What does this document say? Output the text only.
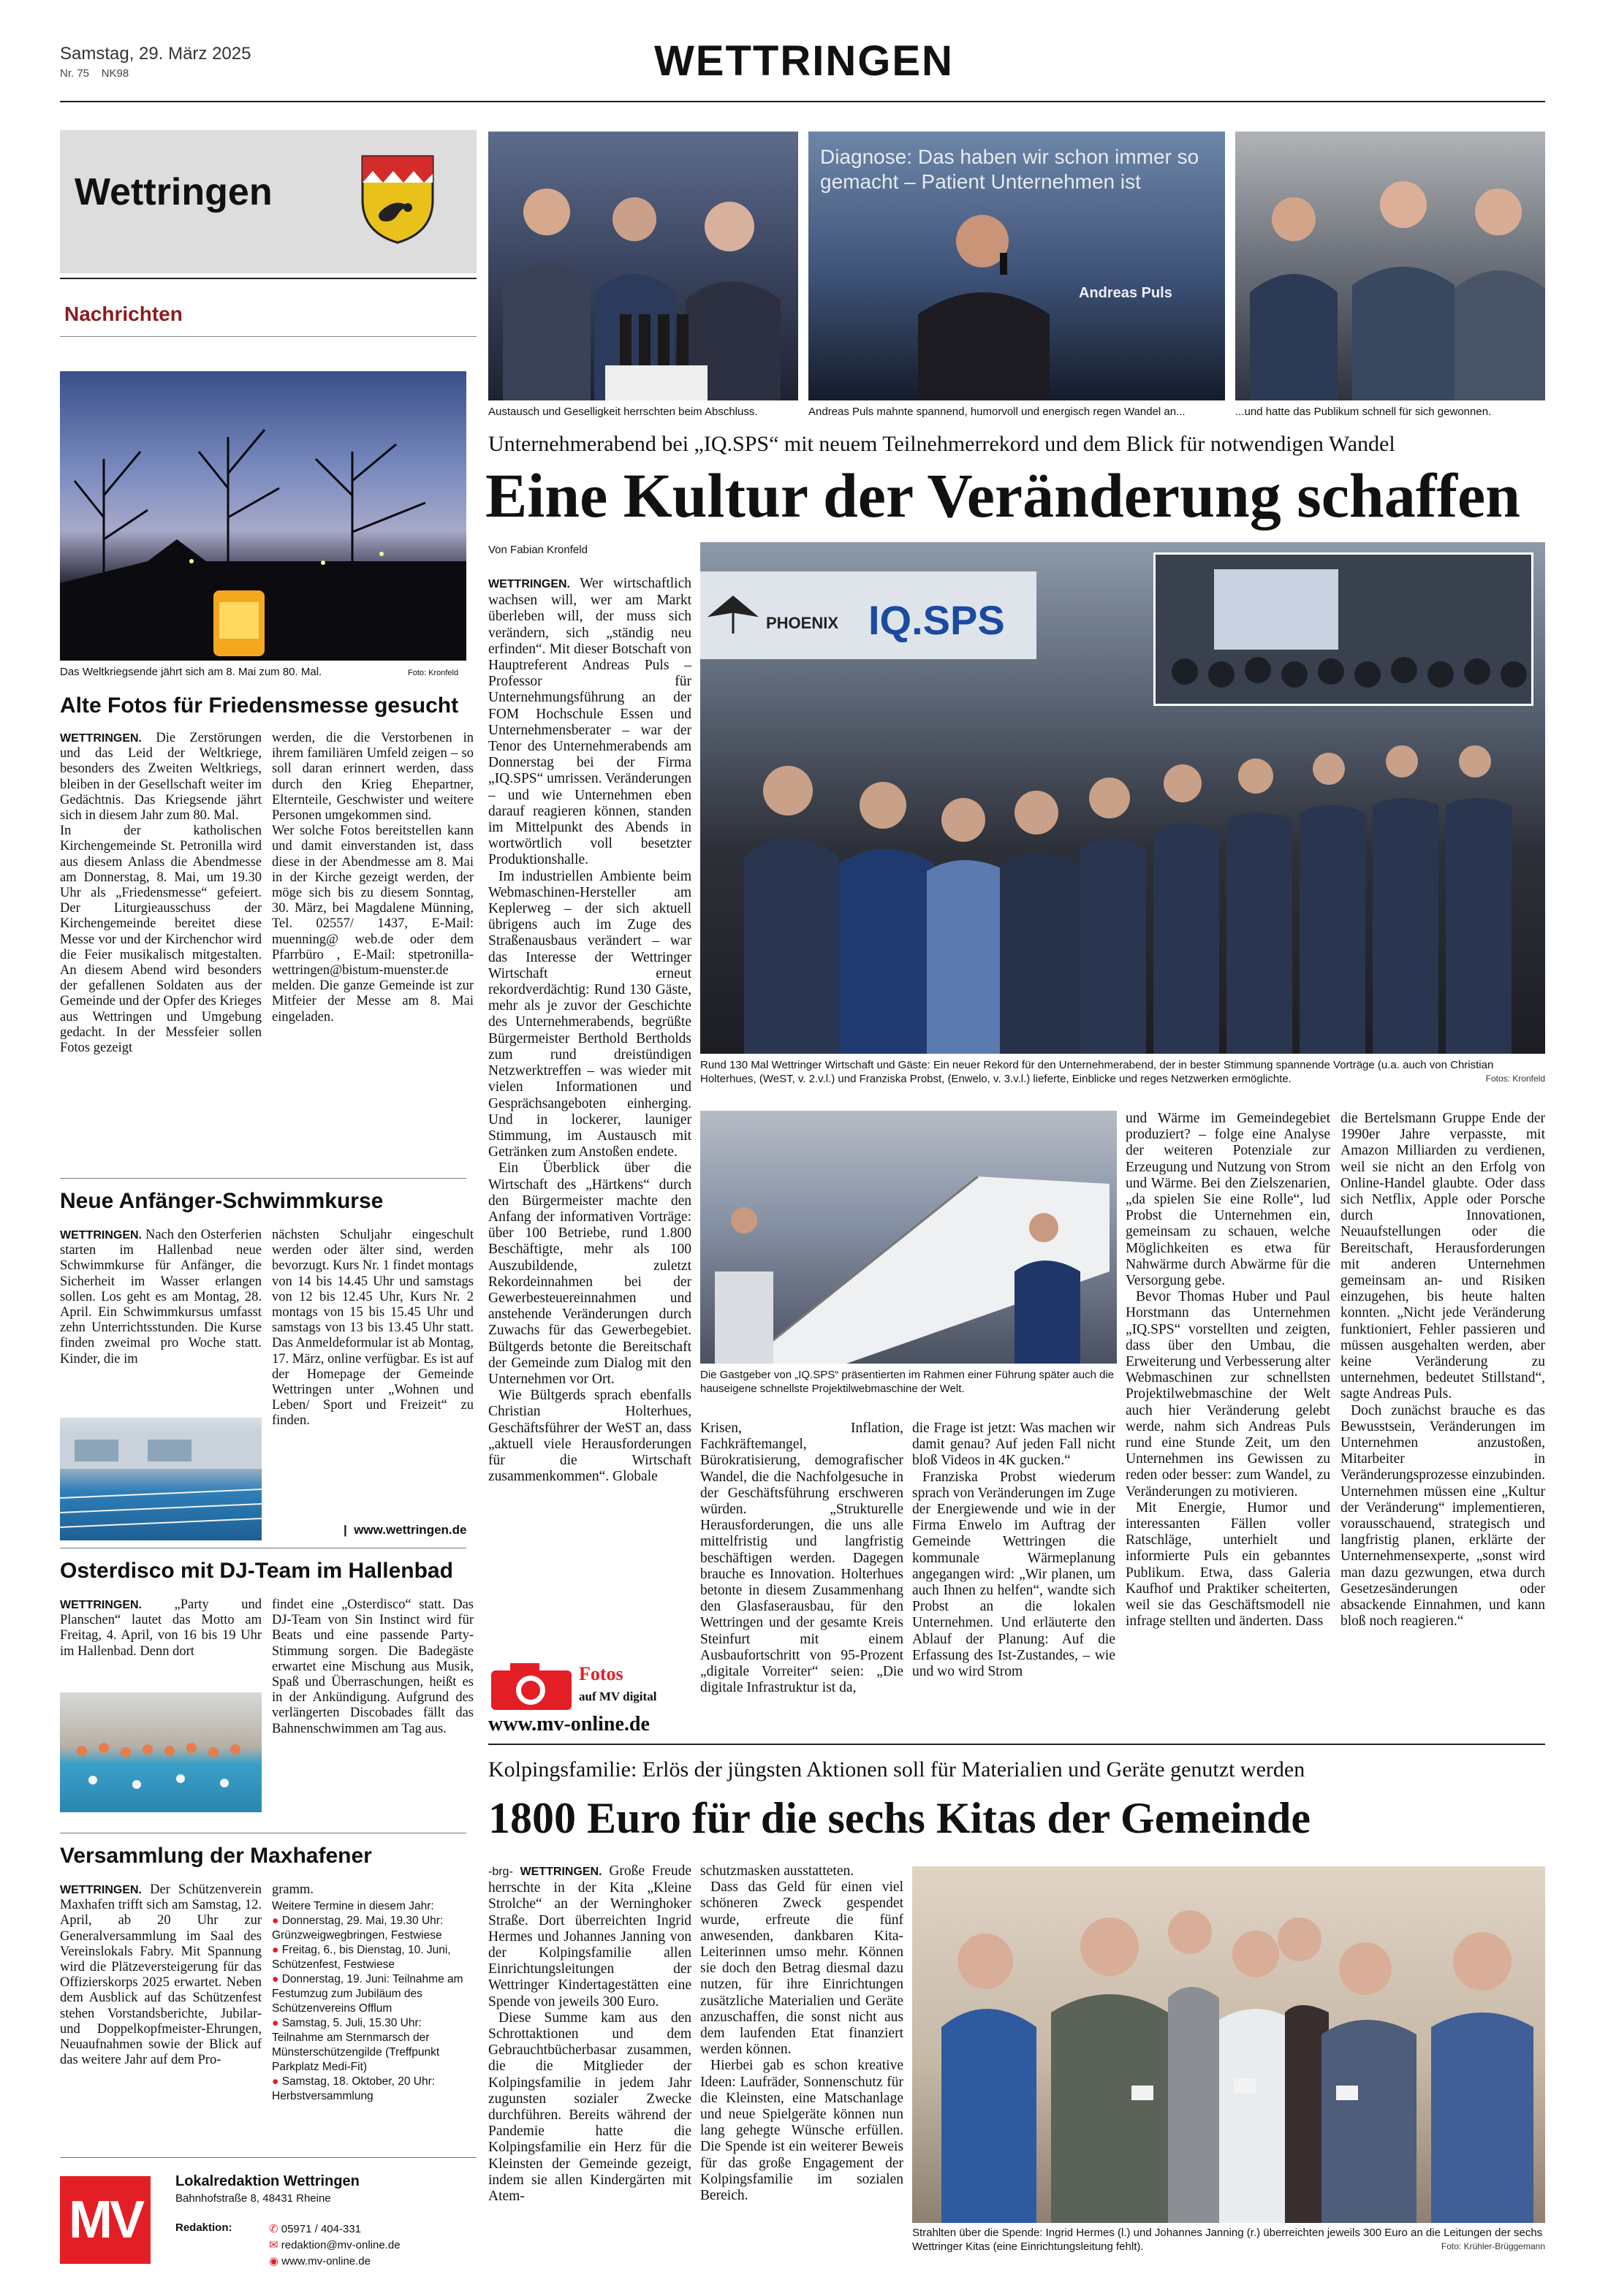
Samstag, 29. März 2025
Nr. 75 NK98	WETTRINGEN
Wettringen
Nachrichten
Das Weltkriegsende jährt sich am 8. Mai zum 80. Mal.	Foto: Kronfeld
Alte Fotos für Friedensmesse gesucht

WETTRINGEN. Die Zerstörungen und das Leid der Weltkriege, besonders des Zweiten Weltkriegs, bleiben in der Gesellschaft weiter im Gedächtnis. Das Kriegsende jährt sich in diesem Jahr zum 80. Mal.

In der katholischen Kirchengemeinde St. Petronilla wird aus diesem Anlass die Abendmesse am Donnerstag, 8. Mai, um 19.30 Uhr als „Friedensmesse“ gefeiert. Der Liturgieausschuss der Kirchengemeinde bereitet diese Messe vor und der Kirchenchor wird die Feier musikalisch mitgestalten. An diesem Abend wird besonders der gefallenen Soldaten aus der Gemeinde und der Opfer des Krieges aus Wettringen und Umgebung gedacht. In der Messfeier sollen Fotos gezeigt

werden, die die Verstorbenen in ihrem familiären Umfeld zeigen – so soll daran erinnert werden, dass durch den Krieg Ehepartner, Elternteile, Geschwister und weitere Personen umgekommen sind.

Wer solche Fotos bereitstellen kann und damit einverstanden ist, dass diese in der Abendmesse am 8. Mai in der Kirche gezeigt werden, der möge sich bis zu diesem Sonntag, 30. März, bei Magdalene Münning, Tel. 02557/ 1437, E-Mail: muenning@ web.de oder dem Pfarrbüro , E-Mail: stpetronilla-wettringen@bistum-muenster.de melden. Die ganze Gemeinde ist zur Mitfeier der Messe am 8. Mai eingeladen.

Neue Anfänger-Schwimmkurse

WETTRINGEN. Nach den Osterferien starten im Hallenbad neue Schwimmkurse für Anfänger, die Sicherheit im Wasser erlangen sollen. Los geht es am Montag, 28. April. Ein Schwimmkursus umfasst zehn Unterrichtsstunden. Die Kurse finden zweimal pro Woche statt. Kinder, die im

nächsten Schuljahr eingeschult werden oder älter sind, werden bevorzugt. Kurs Nr. 1 findet montags von 14 bis 14.45 Uhr und samstags von 12 bis 12.45 Uhr, Kurs Nr. 2 montags von 15 bis 15.45 Uhr und samstags von 13 bis 13.45 Uhr statt. Das Anmeldeformular ist ab Montag, 17. März, online verfügbar. Es ist auf der Homepage der Gemeinde Wettringen unter „Wohnen und Leben/ Sport und Freizeit“ zu finden.

|  www.wettringen.de
Osterdisco mit DJ-Team im Hallenbad

WETTRINGEN. „Party und Planschen“ lautet das Motto am Freitag, 4. April, von 16 bis 19 Uhr im Hallenbad. Denn dort

findet eine „Osterdisco“ statt. Das DJ-Team von Sin Instinct wird für Beats und eine passende Party-Stimmung sorgen. Die Badegäste erwartet eine Mischung aus Musik, Spaß und Überraschungen, heißt es in der Ankündigung. Aufgrund des verlängerten Discobades fällt das Bahnenschwimmen am Tag aus.

Versammlung der Maxhafener

WETTRINGEN. Der Schützenverein Maxhafen trifft sich am Samstag, 12. April, ab 20 Uhr zur Generalversammlung im Saal des Vereinslokals Fabry. Mit Spannung wird die Plätzeversteigerung für das Offizierskorps 2025 erwartet. Neben dem Ausblick auf das Schützenfest stehen Vorstandsberichte, Jubilar- und Doppelkopfmeister-Ehrungen, Neuaufnahmen sowie der Blick auf das weitere Jahr auf dem Pro-

gramm.
Weitere Termine in diesem Jahr:
● Donnerstag, 29. Mai, 19.30 Uhr: Grünzweigwegbringen, Festwiese
● Freitag, 6., bis Dienstag, 10. Juni, Schützenfest, Festwiese
● Donnerstag, 19. Juni: Teilnahme am Festumzug zum Jubiläum des Schützenvereins Offlum
● Samstag, 5. Juli, 15.30 Uhr: Teilnahme am Sternmarsch der Münsterschützengilde (Treffpunkt Parkplatz Medi-Fit)
● Samstag, 18. Oktober, 20 Uhr: Herbstversammlung
MV
Lokalredaktion Wettringen
Bahnhofstraße 8, 48431 Rheine
Redaktion:	✆ 05971 / 404-331
✉ redaktion@mv-online.de
◉ www.mv-online.de
Austausch und Geselligkeit herrschten beim Abschluss.
Diagnose: Das haben wir schon immer so gemacht – Patient Unternehmen ist
Andreas Puls
Andreas Puls mahnte spannend, humorvoll und energisch regen Wandel an...	...und hatte das Publikum schnell für sich gewonnen.
Unternehmerabend bei „IQ.SPS“ mit neuem Teilnehmerrekord und dem Blick für notwendigen Wandel
Eine Kultur der Veränderung schaffen
Von Fabian Kronfeld

WETTRINGEN. Wer wirtschaftlich wachsen will, wer am Markt überleben will, der muss sich verändern, sich „ständig neu erfinden“. Mit dieser Botschaft von Hauptreferent Andreas Puls – Professor für Unternehmungsführung an der FOM Hochschule Essen und Unternehmensberater – war der Tenor des Unternehmerabends am Donnerstag bei der Firma „IQ.SPS“ umrissen. Veränderungen – und wie Unternehmen eben darauf reagieren können, standen im Mittelpunkt des Abends in wortwörtlich voll besetzter Produktionshalle.

Im industriellen Ambiente beim Webmaschinen-Hersteller am Keplerweg – der sich aktuell übrigens auch im Zuge des Straßenausbaus verändert – war das Interesse der Wettringer Wirtschaft erneut rekordverdächtig: Rund 130 Gäste, mehr als je zuvor der Geschichte des Unternehmerabends, begrüßte Bürgermeister Berthold Bertholds zum rund dreistündigen Netzwerktreffen – was wieder mit vielen Informationen und Gesprächsangeboten einherging. Und in lockerer, launiger Stimmung, im Austausch mit Getränken zum Anstoßen endete.

Ein Überblick über die Wirtschaft des „Härtkens“ durch den Bürgermeister machte den Anfang der informativen Vorträge: über 100 Betriebe, rund 1.800 Beschäftigte, mehr als 100 Auszubildende, zuletzt Rekordeinnahmen bei der Gewerbesteuereinnahmen und anstehende Veränderungen durch Zuwachs für das Gewerbegebiet. Bültgerds betonte die Bereitschaft der Gemeinde zum Dialog mit den Unternehmen vor Ort.

Wie Bültgerds sprach ebenfalls Christian Holterhues, Geschäftsführer der WeST an, dass „aktuell viele Herausforderungen für die Wirtschaft zusammenkommen“. Globale

PHOENIX IQ.SPS
Rund 130 Mal Wettringer Wirtschaft und Gäste: Ein neuer Rekord für den Unternehmerabend, der in bester Stimmung spannende Vorträge (u.a. auch von Christian Holterhues, (WeST, v. 2.v.l.) und Franziska Probst, (Enwelo, v. 3.v.l.) lieferte, Einblicke und reges Netzwerken ermöglichte.	Fotos: Kronfeld
Die Gastgeber von „IQ.SPS“ präsentierten im Rahmen einer Führung später auch die hauseigene schnellste Projektilwebmaschine der Welt.

Krisen, Inflation, Fachkräftemangel, Bürokratisierung, demografischer Wandel, die die Nachfolgesuche in der Geschäftsführung erschweren würden. „Strukturelle Herausforderungen, die uns alle mittelfristig und langfristig beschäftigen werden. Dagegen brauche es Innovation. Holterhues betonte in diesem Zusammenhang den Glasfaserausbau, für den Wettringen und der gesamte Kreis Steinfurt mit einem Ausbaufortschritt von 95-Prozent „digitale Vorreiter“ seien: „Die digitale Infrastruktur ist da,

die Frage ist jetzt: Was machen wir damit genau? Auf jeden Fall nicht bloß Videos in 4K gucken.“

Franziska Probst wiederum sprach von Veränderungen im Zuge der Energiewende und wie in der Firma Enwelo im Auftrag der Gemeinde Wettringen die kommunale Wärmeplanung angegangen wird: „Wir planen, um auch Ihnen zu helfen“, wandte sich Probst an die lokalen Unternehmen. Und erläuterte den Ablauf der Planung: Auf die Erfassung des Ist-Zustandes, – wie und wo wird Strom

und Wärme im Gemeindegebiet produziert? – folge eine Analyse der weiteren Potenziale zur Erzeugung und Nutzung von Strom und Wärme. Bei den Zielszenarien, „da spielen Sie eine Rolle“, lud Probst die Unternehmen ein, gemeinsam zu schauen, welche Möglichkeiten es etwa für Nahwärme durch Abwärme für die Versorgung gebe.

Bevor Thomas Huber und Paul Horstmann das Unternehmen „IQ.SPS“ vorstellten und zeigten, dass über den Umbau, die Erweiterung und Verbesserung alter Webmaschinen zur schnellsten Projektilwebmaschine der Welt auch hier Veränderung gelebt werde, nahm sich Andreas Puls rund eine Stunde Zeit, um den Unternehmen ins Gewissen zu reden oder besser: zum Wandel, zu Veränderungen zu motivieren.

Mit Energie, Humor und interessanten Fällen voller Ratschläge, unterhielt und informierte Puls ein gebanntes Publikum. Etwa, dass Galeria Kaufhof und Praktiker scheiterten, weil sie das Geschäftsmodell nie infrage stellten und änderten. Dass

die Bertelsmann Gruppe Ende der 1990er Jahre verpasste, mit Amazon Milliarden zu verdienen, weil sie nicht an den Erfolg von Online-Handel glaubte. Oder dass sich Netflix, Apple oder Porsche durch Innovationen, Neuaufstellungen oder die Bereitschaft, Herausforderungen mit anderen Unternehmen gemeinsam an- und Risiken einzugehen, bis heute halten konnten. „Nicht jede Veränderung funktioniert, Fehler passieren und müssen ausgehalten werden, aber keine Veränderung zu unternehmen, bedeutet Stillstand“, sagte Andreas Puls.

Doch zunächst brauche es das Bewusstsein, Veränderungen im Unternehmen anzustoßen, Mitarbeiter in Veränderungsprozesse einzubinden. Unternehmen müssen eine „Kultur der Veränderung“ implementieren, vorausschauend, strategisch und langfristig planen, erklärte der Unternehmensexperte, „sonst wird man dazu gezwungen, etwa durch Gesetzesänderungen oder absackende Einnahmen, und kann bloß noch reagieren.“

Fotos
auf MV digital
www.mv-online.de
Kolpingsfamilie: Erlös der jüngsten Aktionen soll für Materialien und Geräte genutzt werden
1800 Euro für die sechs Kitas der Gemeinde

-brg- WETTRINGEN. Große Freude herrschte in der Kita „Kleine Strolche“ an der Werninghoker Straße. Dort überreichten Ingrid Hermes und Johannes Janning von der Kolpingsfamilie allen Einrichtungsleitungen der Wettringer Kindertagestätten eine Spende von jeweils 300 Euro.

Diese Summe kam aus den Schrottaktionen und dem Gebrauchtbücherbasar zusammen, die die Mitglieder der Kolpingsfamilie in jedem Jahr zugunsten sozialer Zwecke durchführen. Bereits während der Pandemie hatte die Kolpingsfamilie ein Herz für die Kleinsten der Gemeinde gezeigt, indem sie allen Kindergärten mit Atem-

schutzmasken ausstatteten.

Dass das Geld für einen viel schöneren Zweck gespendet wurde, erfreute die fünf anwesenden, dankbaren Kita-Leiterinnen umso mehr. Können sie doch den Betrag diesmal dazu nutzen, für ihre Einrichtungen zusätzliche Materialien und Geräte anzuschaffen, die sonst nicht aus dem laufenden Etat finanziert werden können.

Hierbei gab es schon kreative Ideen: Laufräder, Sonnenschutz für die Kleinsten, eine Matschanlage und neue Spielgeräte können nun lang gehegte Wünsche erfüllen. Die Spende ist ein weiterer Beweis für das große Engagement der Kolpingsfamilie im sozialen Bereich.

Strahlten über die Spende: Ingrid Hermes (l.) und Johannes Janning (r.) überreichten jeweils 300 Euro an die Leitungen der sechs Wettringer Kitas (eine Einrichtungsleitung fehlt).	Foto: Krühler-Brüggemann
